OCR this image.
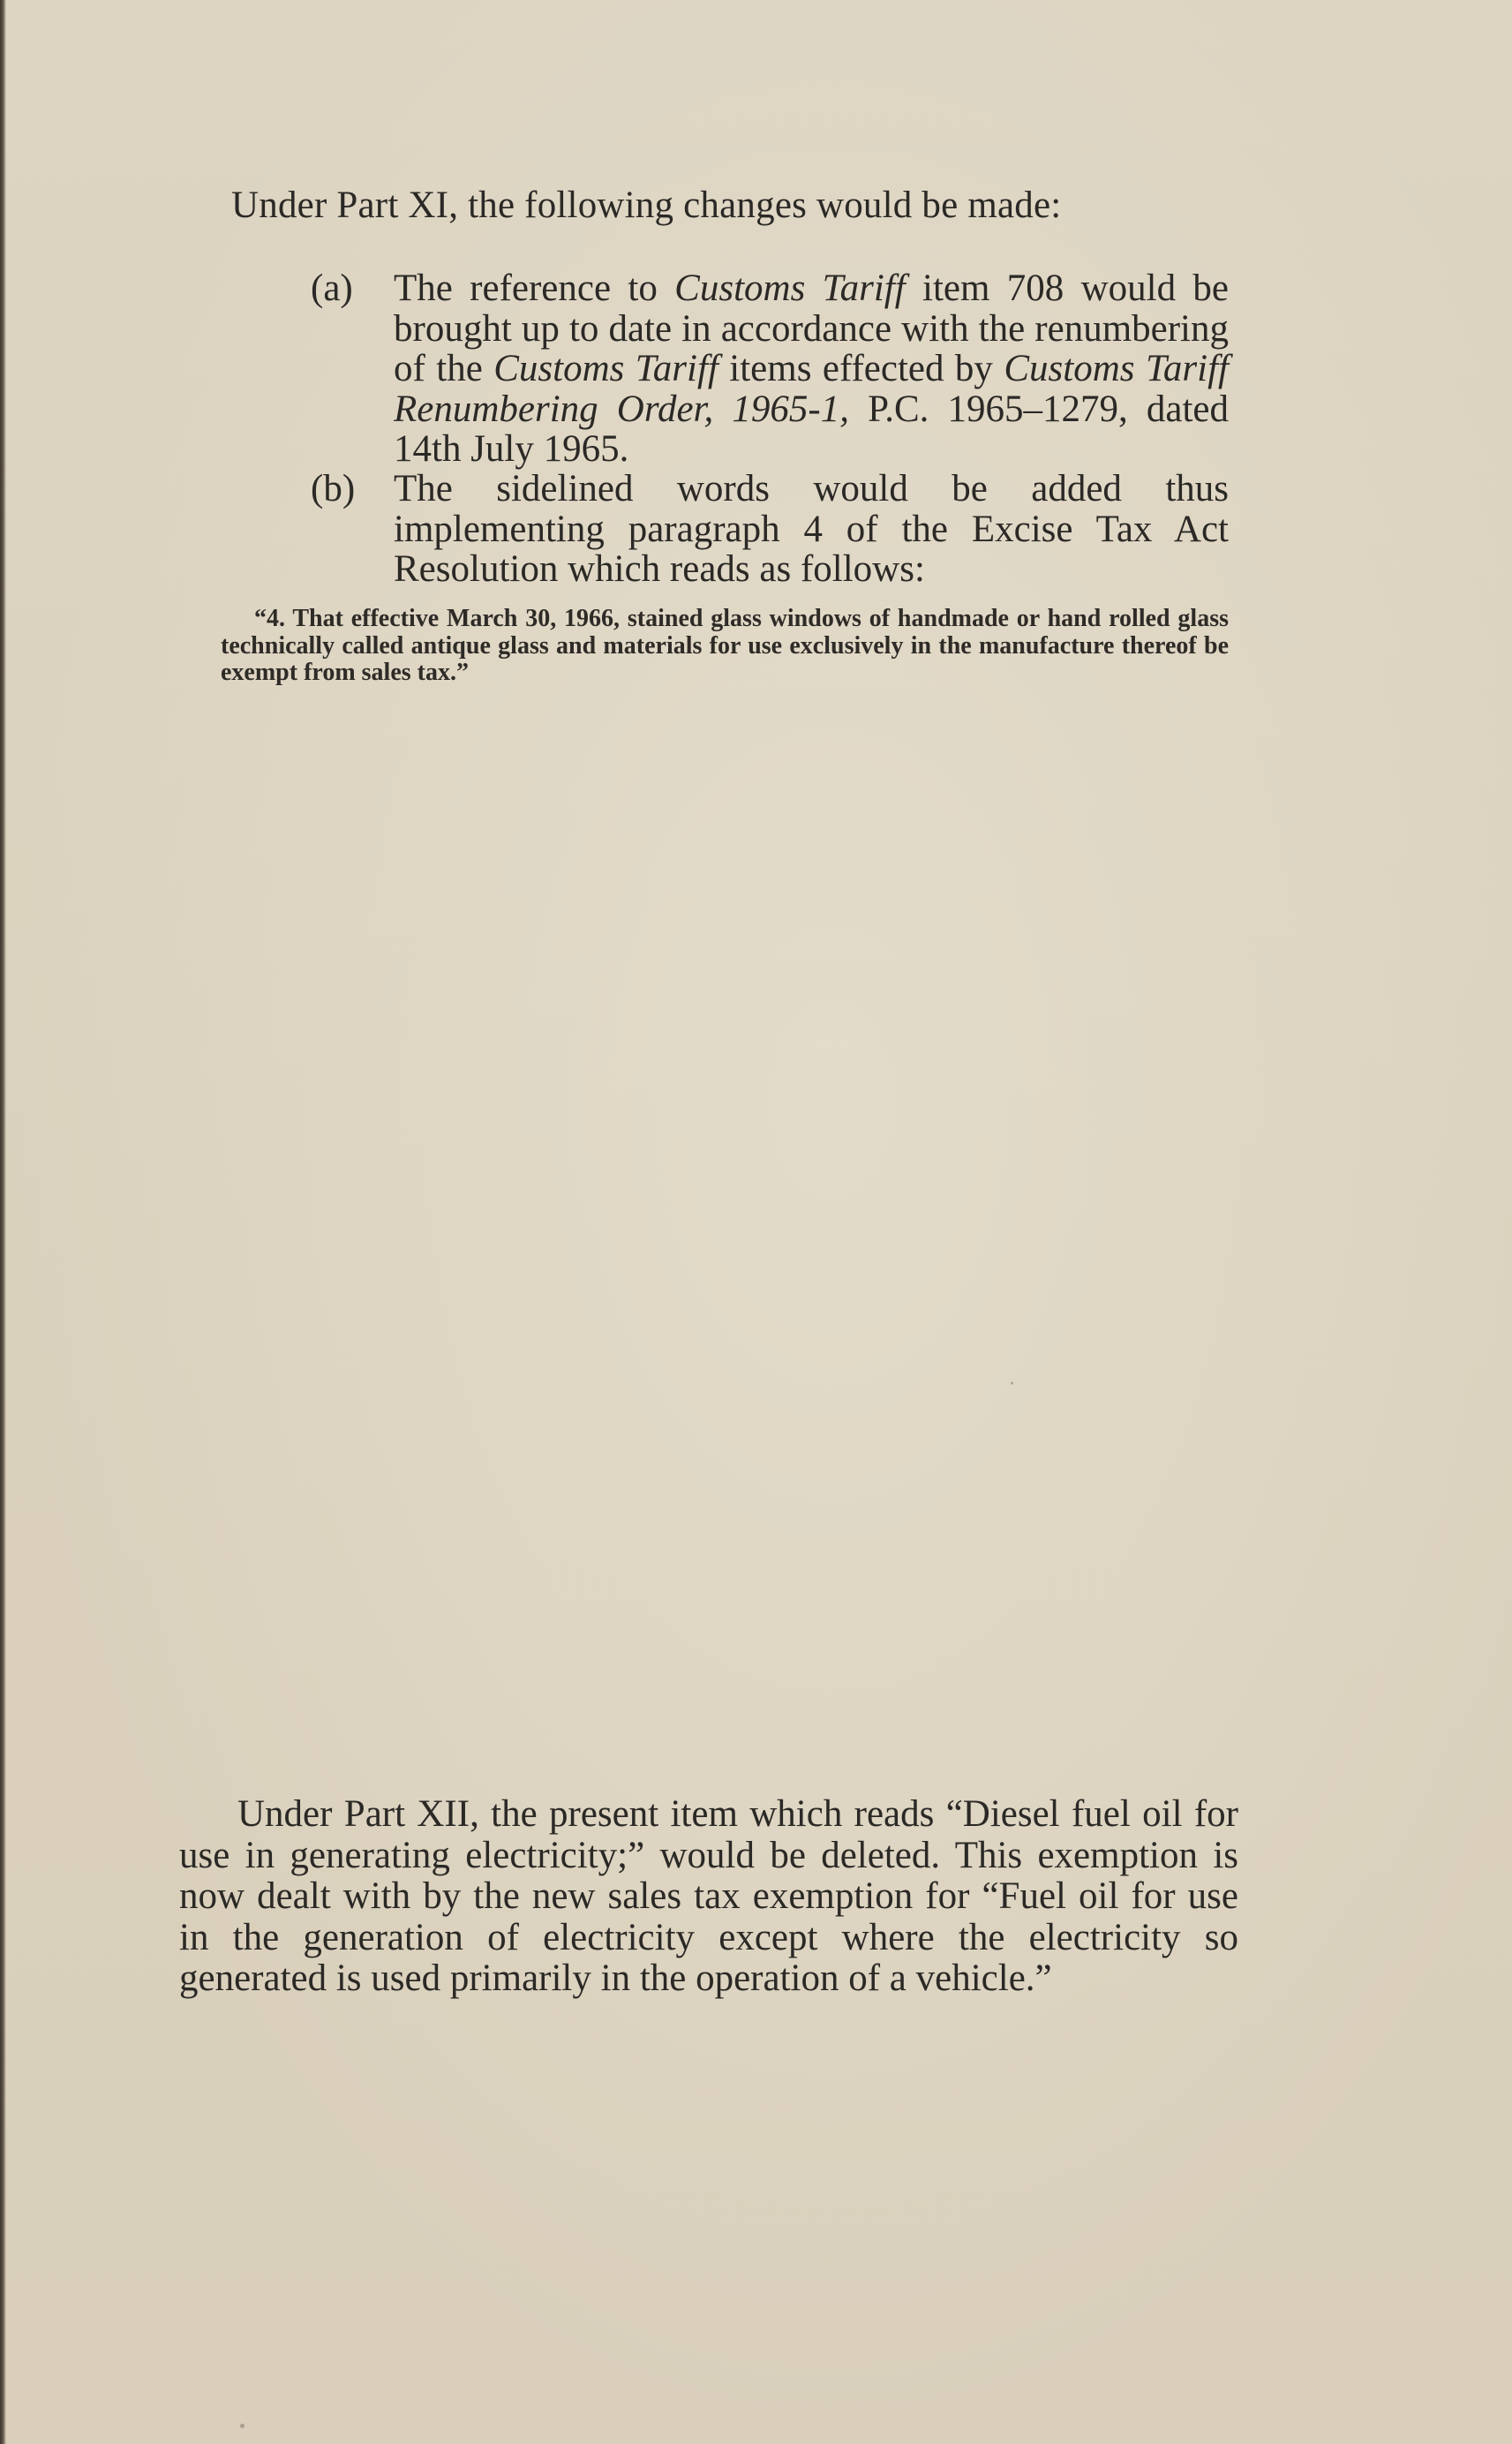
Under Part XI, the following changes would be made:
(a) The reference to Customs Tariff item 708 would be brought up to date in accordance with the renumbering of the Customs Tariff items effected by Customs Tariff Renumbering Order, 1965-1, P.C. 1965–1279, dated 14th July 1965.
(b) The sidelined words would be added thus implementing paragraph 4 of the Excise Tax Act Resolution which reads as follows:
“4. That effective March 30, 1966, stained glass windows of handmade or hand rolled glass technically called antique glass and materials for use exclusively in the manufacture thereof be exempt from sales tax.”
Under Part XII, the present item which reads “Diesel fuel oil for use in generating electricity;” would be deleted. This exemption is now dealt with by the new sales tax exemption for “Fuel oil for use in the generation of electricity except where the electricity so generated is used primarily in the operation of a vehicle.”
